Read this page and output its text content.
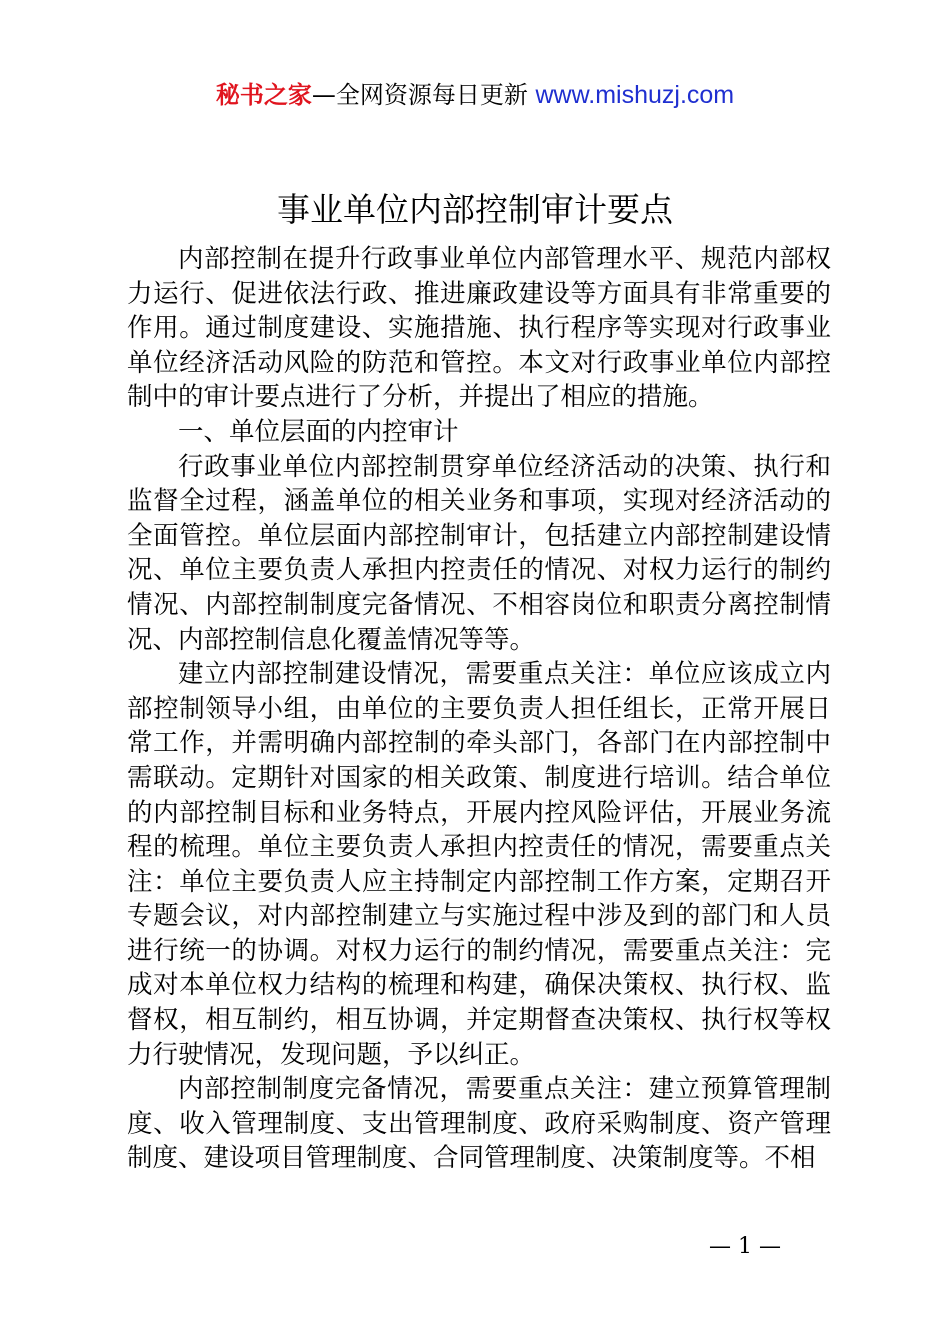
秘书之家—全网资源每日更新 www.mishuzj.com
事业单位内部控制审计要点

内部控制在提升行政事业单位内部管理水平、规范内部权力运行、促进依法行政、推进廉政建设等方面具有非常重要的作用。通过制度建设、实施措施、执行程序等实现对行政事业单位经济活动风险的防范和管控。本文对行政事业单位内部控制中的审计要点进行了分析，并提出了相应的措施。

一、单位层面的内控审计

行政事业单位内部控制贯穿单位经济活动的决策、执行和监督全过程，涵盖单位的相关业务和事项，实现对经济活动的全面管控。单位层面内部控制审计，包括建立内部控制建设情况、单位主要负责人承担内控责任的情况、对权力运行的制约情况、内部控制制度完备情况、不相容岗位和职责分离控制情况、内部控制信息化覆盖情况等等。

建立内部控制建设情况，需要重点关注：单位应该成立内部控制领导小组，由单位的主要负责人担任组长，正常开展日常工作，并需明确内部控制的牵头部门，各部门在内部控制中需联动。定期针对国家的相关政策、制度进行培训。结合单位的内部控制目标和业务特点，开展内控风险评估，开展业务流程的梳理。单位主要负责人承担内控责任的情况，需要重点关注：单位主要负责人应主持制定内部控制工作方案，定期召开专题会议，对内部控制建立与实施过程中涉及到的部门和人员进行统一的协调。对权力运行的制约情况，需要重点关注：完成对本单位权力结构的梳理和构建，确保决策权、执行权、监督权，相互制约，相互协调，并定期督查决策权、执行权等权力行驶情况，发现问题，予以纠正。

内部控制制度完备情况，需要重点关注：建立预算管理制度、收入管理制度、支出管理制度、政府采购制度、资产管理制度、建设项目管理制度、合同管理制度、决策制度等。不相

— 1 —
